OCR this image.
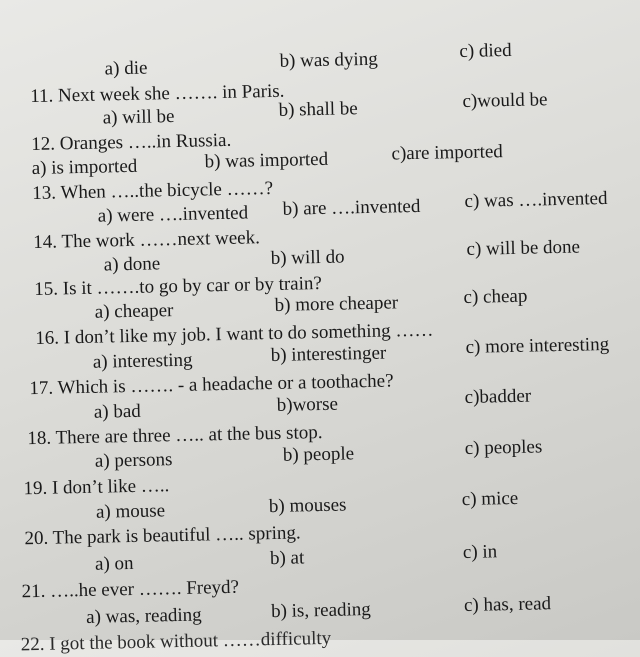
a) die	b) was dying	c) died
11. Next week she ……. in Paris.
a) will be	b) shall be	c)would be
12. Oranges …..in Russia.
a) is imported	b) was imported	c)are imported
13. When …..the bicycle ……?
a) were ….invented b) are ….invented c) was ….invented
14. The work ……next week.
a) done	b) will do	c) will be done
15. Is it …….to go by car or by train?
a) cheaper	b) more cheaper	c) cheap
16. I don’t like my job. I want to do something ……
a) interesting	b) interestinger	c) more interesting
17. Which is ……. - a headache or a toothache?
a) bad	b)worse	c)badder
18. There are three ….. at the bus stop.
a) persons	b) people	c) peoples
19. I don’t like …..
a) mouse	b) mouses	c) mice
20. The park is beautiful ….. spring.
a) on	b) at	c) in
21. …..he ever ……. Freyd?
a) was, reading	b) is, reading	c) has, read
22. I got the book without ……difficulty
